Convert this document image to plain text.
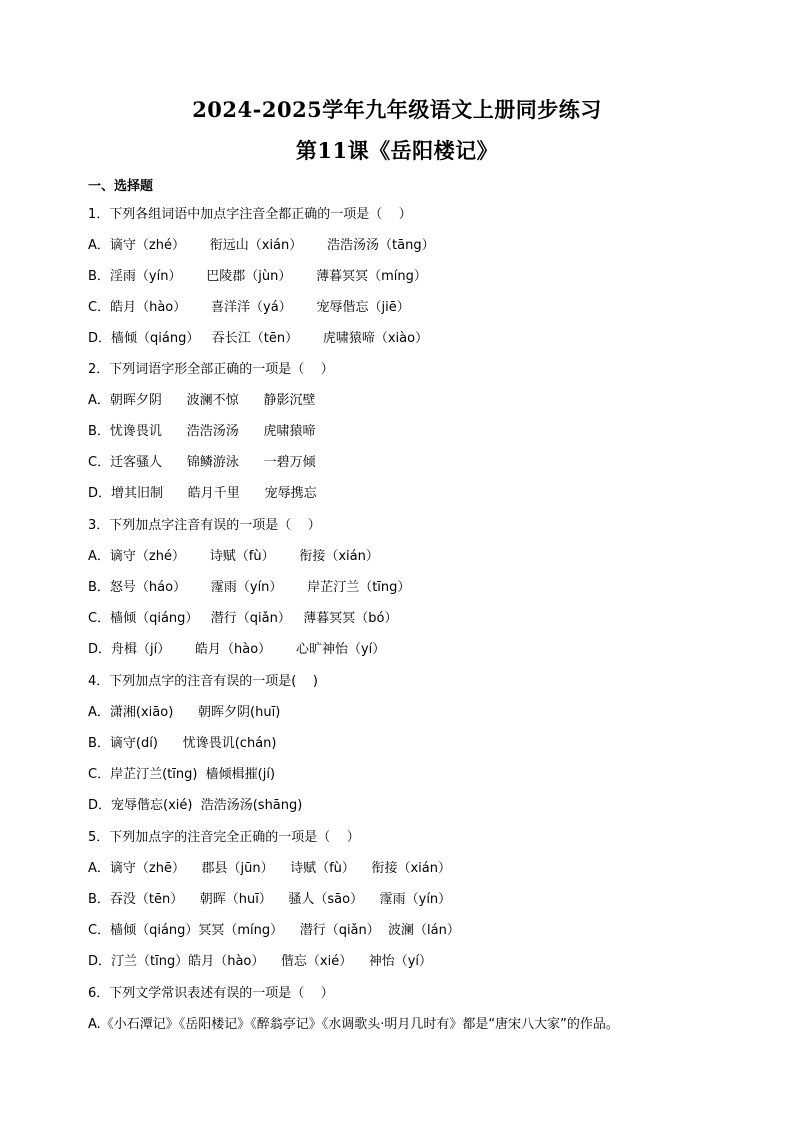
2024-2025学年九年级语文上册同步练习
第11课《岳阳楼记》
一、选择题
1．下列各组词语中加点字注音全都正确的一项是（    ）
A．谪守（zhé）      衔远山（xián）      浩浩汤汤（tāng）
B．淫雨（yín）      巴陵郡（jùn）      薄暮冥冥（míng）
C．皓月（hào）      喜洋洋（yá）      宠辱偕忘（jiē）
D．樯倾（qiáng）   吞长江（tēn）      虎啸猿啼（xiào）
2．下列词语字形全部正确的一项是（    ）
A．朝晖夕阴      波澜不惊      静影沉壁
B．忧谗畏讥      浩浩汤汤      虎啸猿啼
C．迁客骚人      锦鳞游泳      一碧万倾
D．增其旧制      皓月千里      宠辱携忘
3．下列加点字注音有误的一项是（    ）
A．谪守（zhé）      诗赋（fù）      衔接（xián）
B．怒号（háo）      霪雨（yín）      岸芷汀兰（tīng）
C．樯倾（qiáng）   潜行（qiǎn）   薄暮冥冥（bó）
D．舟楫（jí）      皓月（hào）      心旷神怡（yí）
4．下列加点字的注音有误的一项是(    )
A．潇湘(xiāo)      朝晖夕阴(huī)
B．谪守(dí)      忧谗畏讥(chán)
C．岸芷汀兰(tīng)  樯倾楫摧(jí)
D．宠辱偕忘(xié)  浩浩汤汤(shāng)
5．下列加点字的注音完全正确的一项是（    ）
A．谪守（zhē）    郡县（jūn）    诗赋（fù）    衔接（xián）
B．吞没（tēn）    朝晖（huī）    骚人（sāo）    霪雨（yín）
C．樯倾（qiáng）冥冥（míng）    潜行（qiǎn）  波澜（lán）
D．汀兰（tīng）皓月（hào）    偕忘（xié）    神怡（yí）
6．下列文学常识表述有误的一项是（    ）
A.《小石潭记》《岳阳楼记》《醉翁亭记》《水调歌头·明月几时有》都是“唐宋八大家”的作品。
